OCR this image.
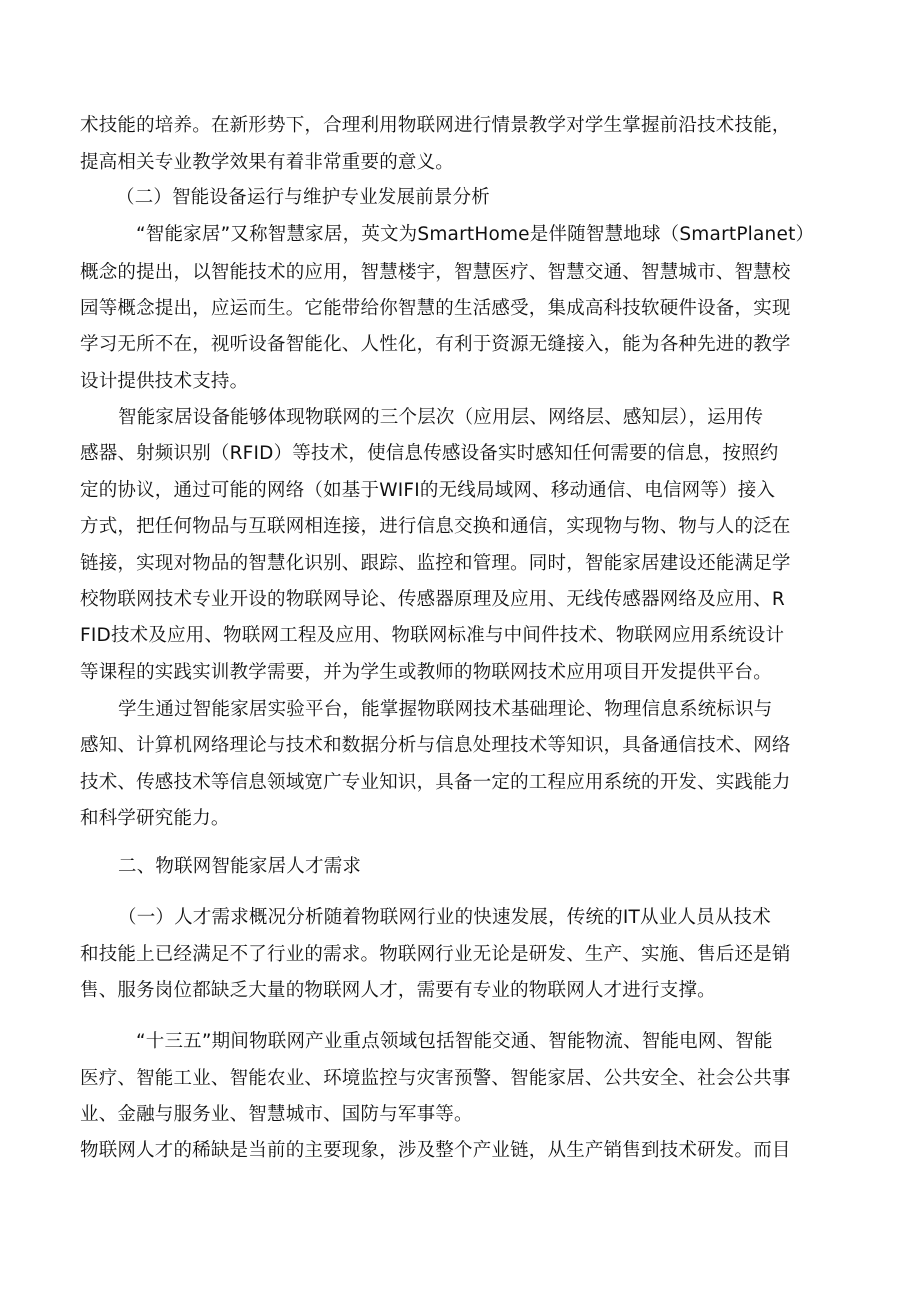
术技能的培养。在新形势下，合理利用物联网进行情景教学对学生掌握前沿技术技能，
提高相关专业教学效果有着非常重要的意义。
（二）智能设备运行与维护专业发展前景分析
“智能家居”又称智慧家居，英文为SmartHome是伴随智慧地球（SmartPlanet）
概念的提出，以智能技术的应用，智慧楼宇，智慧医疗、智慧交通、智慧城市、智慧校
园等概念提出，应运而生。它能带给你智慧的生活感受，集成高科技软硬件设备，实现
学习无所不在，视听设备智能化、人性化，有利于资源无缝接入，能为各种先进的教学
设计提供技术支持。
智能家居设备能够体现物联网的三个层次（应用层、网络层、感知层），运用传
感器、射频识别（RFID）等技术，使信息传感设备实时感知任何需要的信息，按照约
定的协议，通过可能的网络（如基于WIFI的无线局域网、移动通信、电信网等）接入
方式，把任何物品与互联网相连接，进行信息交换和通信，实现物与物、物与人的泛在
链接，实现对物品的智慧化识别、跟踪、监控和管理。同时，智能家居建设还能满足学
校物联网技术专业开设的物联网导论、传感器原理及应用、无线传感器网络及应用、R
FID技术及应用、物联网工程及应用、物联网标准与中间件技术、物联网应用系统设计
等课程的实践实训教学需要，并为学生或教师的物联网技术应用项目开发提供平台。
学生通过智能家居实验平台，能掌握物联网技术基础理论、物理信息系统标识与
感知、计算机网络理论与技术和数据分析与信息处理技术等知识，具备通信技术、网络
技术、传感技术等信息领域宽广专业知识，具备一定的工程应用系统的开发、实践能力
和科学研究能力。
二、物联网智能家居人才需求
（一）人才需求概况分析随着物联网行业的快速发展，传统的IT从业人员从技术
和技能上已经满足不了行业的需求。物联网行业无论是研发、生产、实施、售后还是销
售、服务岗位都缺乏大量的物联网人才，需要有专业的物联网人才进行支撑。
“十三五”期间物联网产业重点领域包括智能交通、智能物流、智能电网、智能
医疗、智能工业、智能农业、环境监控与灾害预警、智能家居、公共安全、社会公共事
业、金融与服务业、智慧城市、国防与军事等。
物联网人才的稀缺是当前的主要现象，涉及整个产业链，从生产销售到技术研发。而目
